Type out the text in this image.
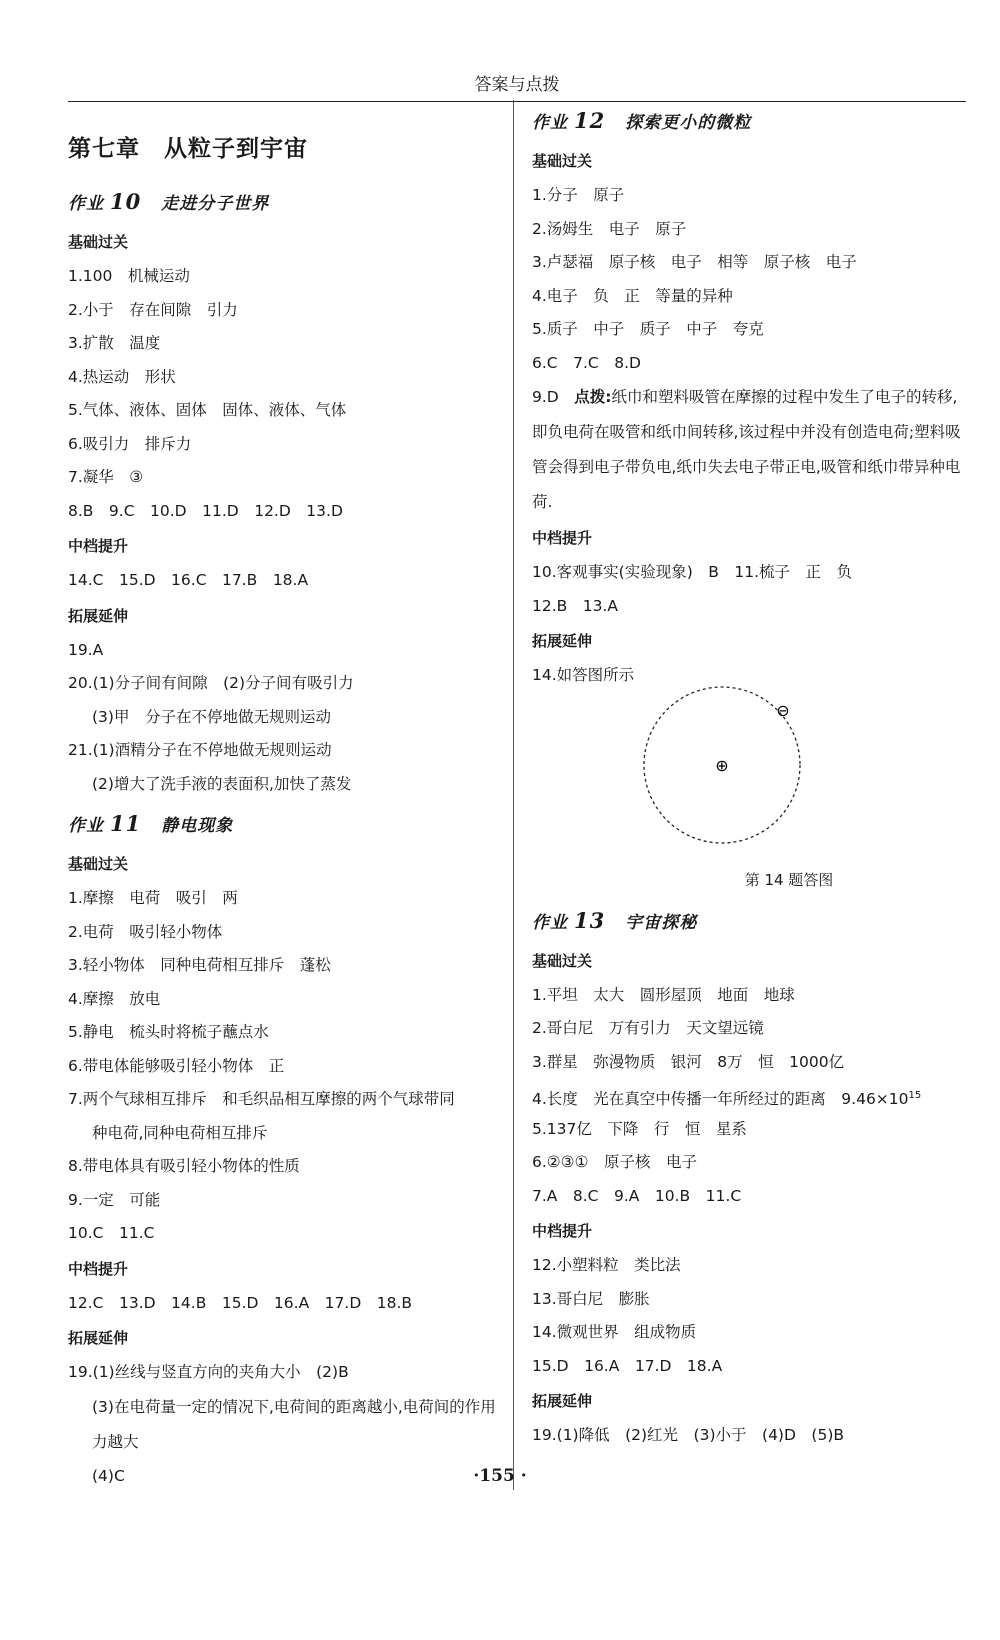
答案与点拨
第七章　从粒子到宇宙
作业 10 走进分子世界
基础过关
1.100　机械运动
2.小于　存在间隙　引力
3.扩散　温度
4.热运动　形状
5.气体、液体、固体　固体、液体、气体
6.吸引力　排斥力
7.凝华　③
8.B　9.C　10.D　11.D　12.D　13.D
中档提升
14.C　15.D　16.C　17.B　18.A
拓展延伸
19.A
20.(1)分子间有间隙　(2)分子间有吸引力
(3)甲　分子在不停地做无规则运动
21.(1)酒精分子在不停地做无规则运动
(2)增大了洗手液的表面积,加快了蒸发
作业 11 静电现象
基础过关
1.摩擦　电荷　吸引　两
2.电荷　吸引轻小物体
3.轻小物体　同种电荷相互排斥　蓬松
4.摩擦　放电
5.静电　梳头时将梳子蘸点水
6.带电体能够吸引轻小物体　正
7.两个气球相互排斥　和毛织品相互摩擦的两个气球带同
种电荷,同种电荷相互排斥
8.带电体具有吸引轻小物体的性质
9.一定　可能
10.C　11.C
中档提升
12.C　13.D　14.B　15.D　16.A　17.D　18.B
拓展延伸
19.(1)丝线与竖直方向的夹角大小　(2)B
(3)在电荷量一定的情况下,电荷间的距离越小,电荷间的作用力越大
(4)C
作业 12 探索更小的微粒
基础过关
1.分子　原子
2.汤姆生　电子　原子
3.卢瑟福　原子核　电子　相等　原子核　电子
4.电子　负　正　等量的异种
5.质子　中子　质子　中子　夸克
6.C　7.C　8.D
9.D　点拨:纸巾和塑料吸管在摩擦的过程中发生了电子的转移,即负电荷在吸管和纸巾间转移,该过程中并没有创造电荷;塑料吸管会得到电子带负电,纸巾失去电子带正电,吸管和纸巾带异种电荷.
中档提升
10.客观事实(实验现象)　B　11.梳子　正　负
12.B　13.A
拓展延伸
14.如答图所示
⊕
⊖
第 14 题答图
作业 13 宇宙探秘
基础过关
1.平坦　太大　圆形屋顶　地面　地球
2.哥白尼　万有引力　天文望远镜
3.群星　弥漫物质　银河　8万　恒　1000亿
4.长度　光在真空中传播一年所经过的距离　$9.46\times 10^{15}$
5.137亿　下降　行　恒　星系
6.②③①　原子核　电子
7.A　8.C　9.A　10.B　11.C
中档提升
12.小塑料粒　类比法
13.哥白尼　膨胀
14.微观世界　组成物质
15.D　16.A　17.D　18.A
拓展延伸
19.(1)降低　(2)红光　(3)小于　(4)D　(5)B
·155 ·
